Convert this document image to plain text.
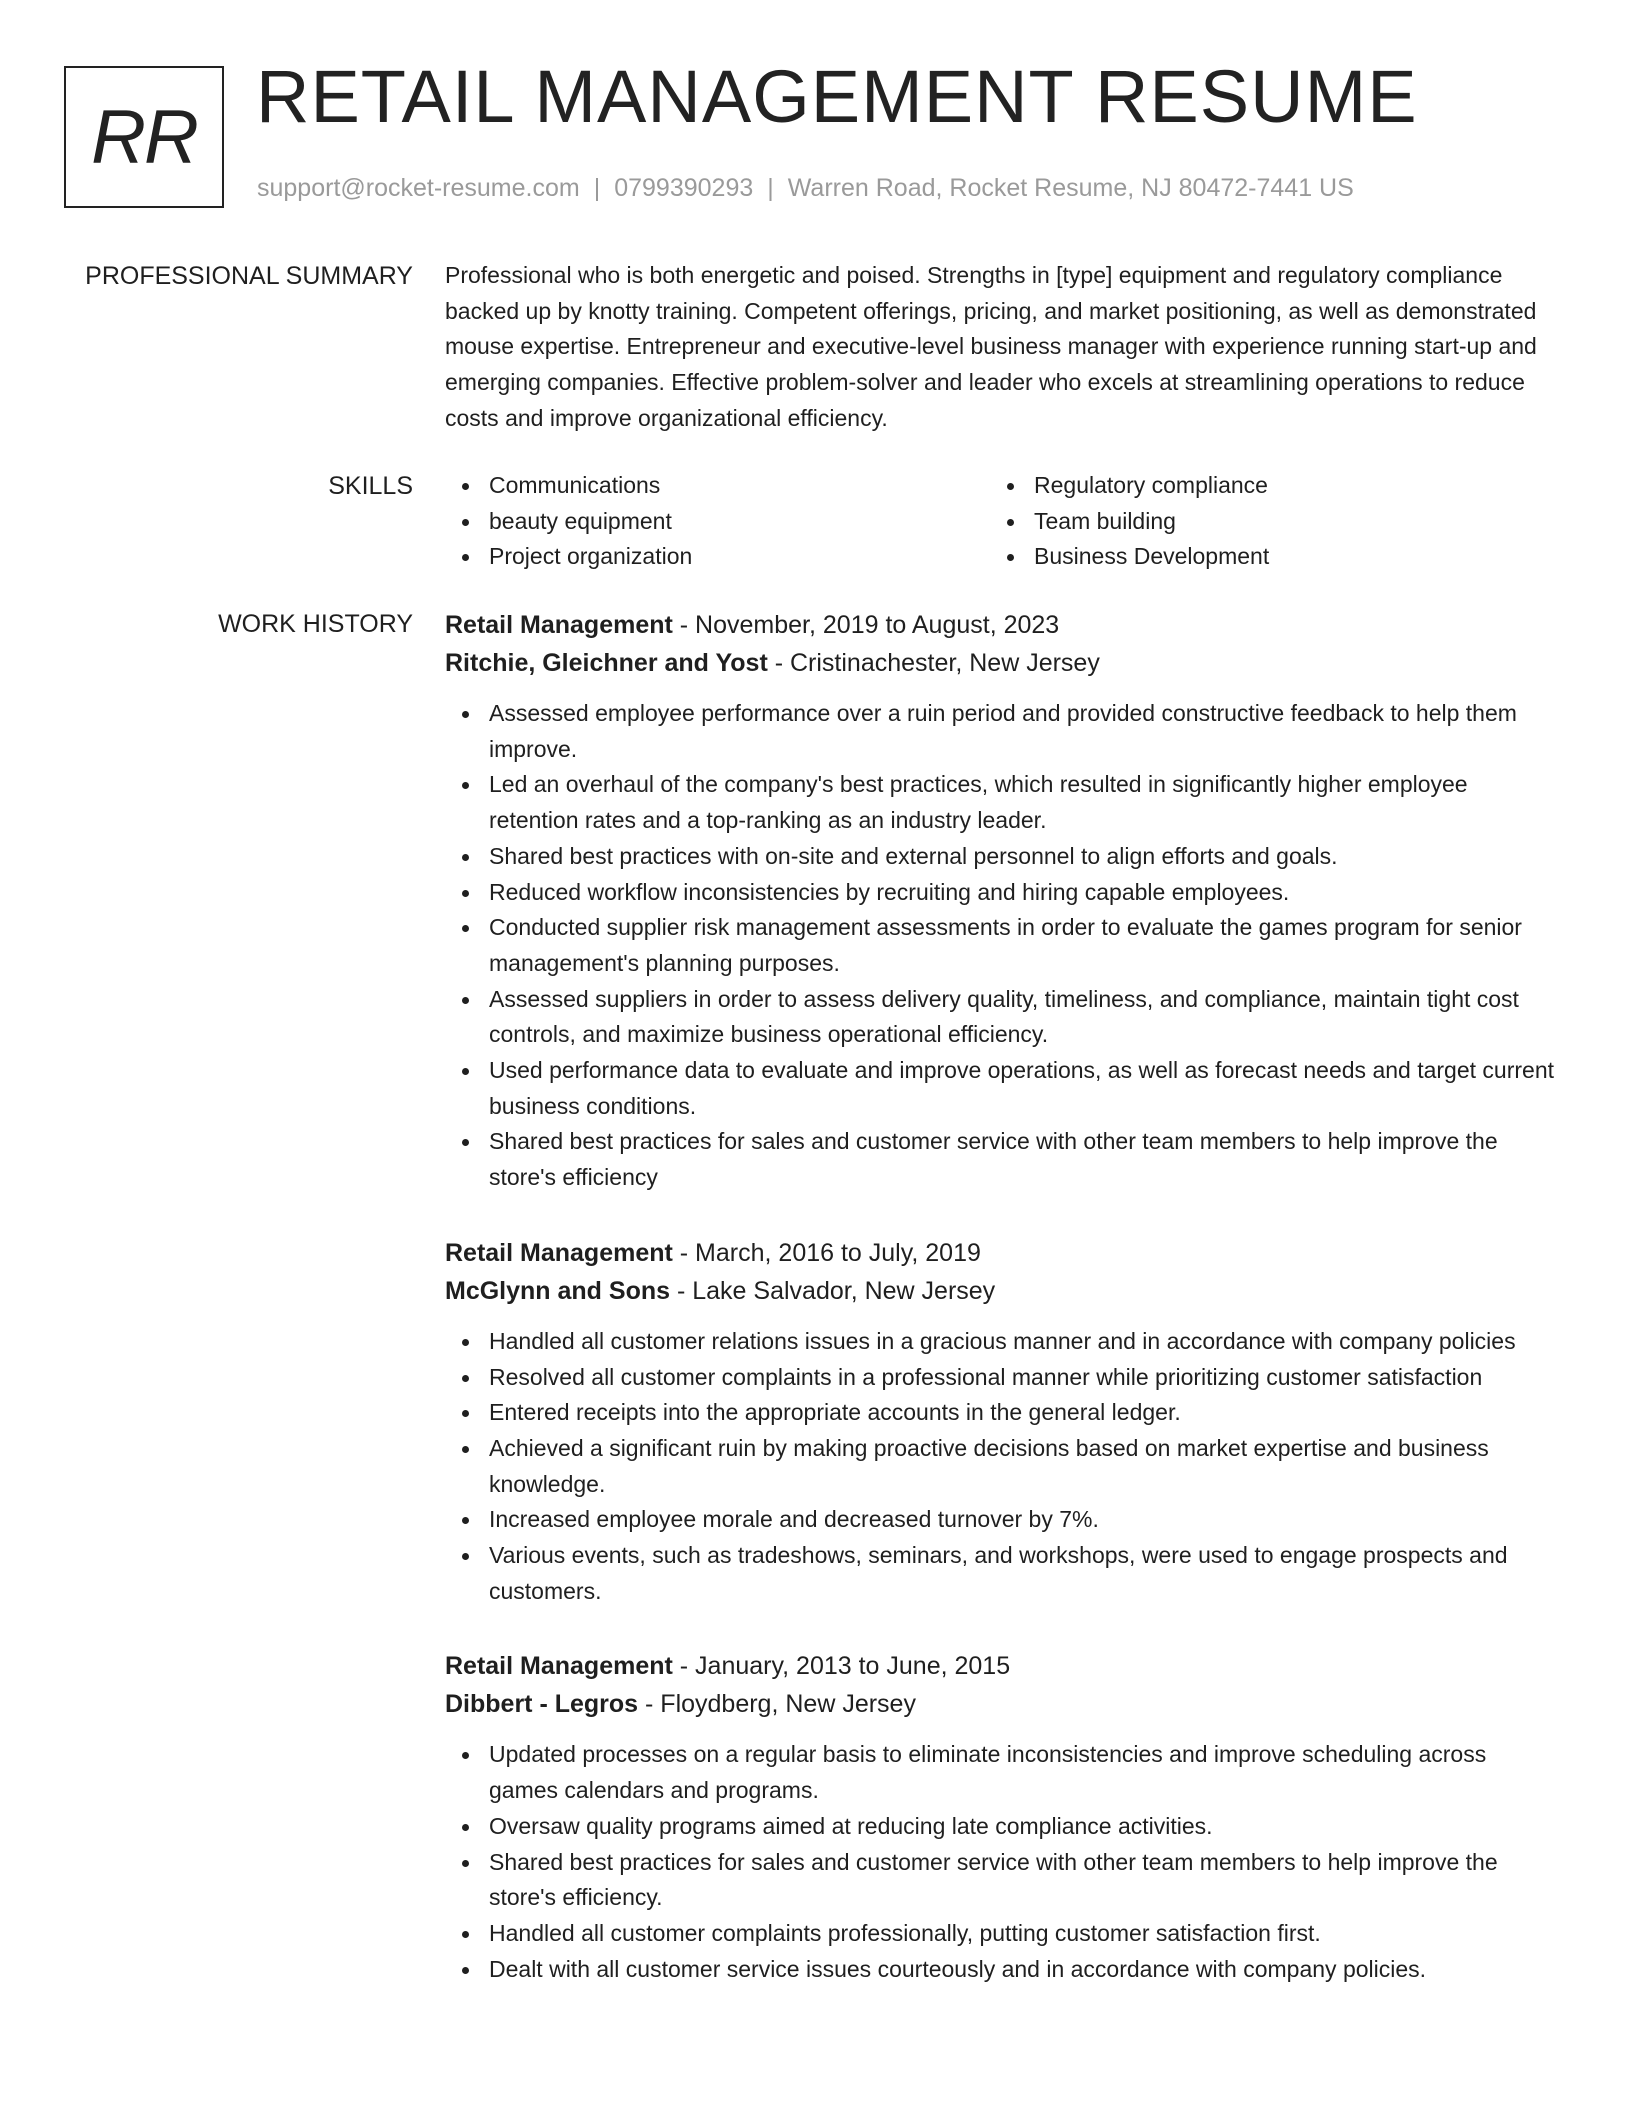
RR RETAIL MANAGEMENT RESUME
support@rocket-resume.com | 0799390293 | Warren Road, Rocket Resume, NJ 80472-7441 US
PROFESSIONAL SUMMARY Professional who is both energetic and poised. Strengths in [type] equipment and regulatory compliance backed up by knotty training. Competent offerings, pricing, and market positioning, as well as demonstrated mouse expertise. Entrepreneur and executive-level business manager with experience running start-up and emerging companies. Effective problem-solver and leader who excels at streamlining operations to reduce costs and improve organizational efficiency.

SKILLS	Communications	Regulatory compliance
beauty equipment	Team building
Project organization	Business Development
WORK HISTORY Retail Management - November, 2019 to August, 2023
Ritchie, Gleichner and Yost - Cristinachester, New Jersey
Assessed employee performance over a ruin period and provided constructive feedback to help them improve.
Led an overhaul of the company's best practices, which resulted in significantly higher employee retention rates and a top-ranking as an industry leader.
Shared best practices with on-site and external personnel to align efforts and goals.
Reduced workflow inconsistencies by recruiting and hiring capable employees.
Conducted supplier risk management assessments in order to evaluate the games program for senior management's planning purposes.
Assessed suppliers in order to assess delivery quality, timeliness, and compliance, maintain tight cost controls, and maximize business operational efficiency.
Used performance data to evaluate and improve operations, as well as forecast needs and target current business conditions.
Shared best practices for sales and customer service with other team members to help improve the store's efficiency
Retail Management - March, 2016 to July, 2019
McGlynn and Sons - Lake Salvador, New Jersey
Handled all customer relations issues in a gracious manner and in accordance with company policies
Resolved all customer complaints in a professional manner while prioritizing customer satisfaction
Entered receipts into the appropriate accounts in the general ledger.
Achieved a significant ruin by making proactive decisions based on market expertise and business knowledge.
Increased employee morale and decreased turnover by 7%.
Various events, such as tradeshows, seminars, and workshops, were used to engage prospects and customers.
Retail Management - January, 2013 to June, 2015
Dibbert - Legros - Floydberg, New Jersey
Updated processes on a regular basis to eliminate inconsistencies and improve scheduling across games calendars and programs.
Oversaw quality programs aimed at reducing late compliance activities.
Shared best practices for sales and customer service with other team members to help improve the store's efficiency.
Handled all customer complaints professionally, putting customer satisfaction first.
Dealt with all customer service issues courteously and in accordance with company policies.
